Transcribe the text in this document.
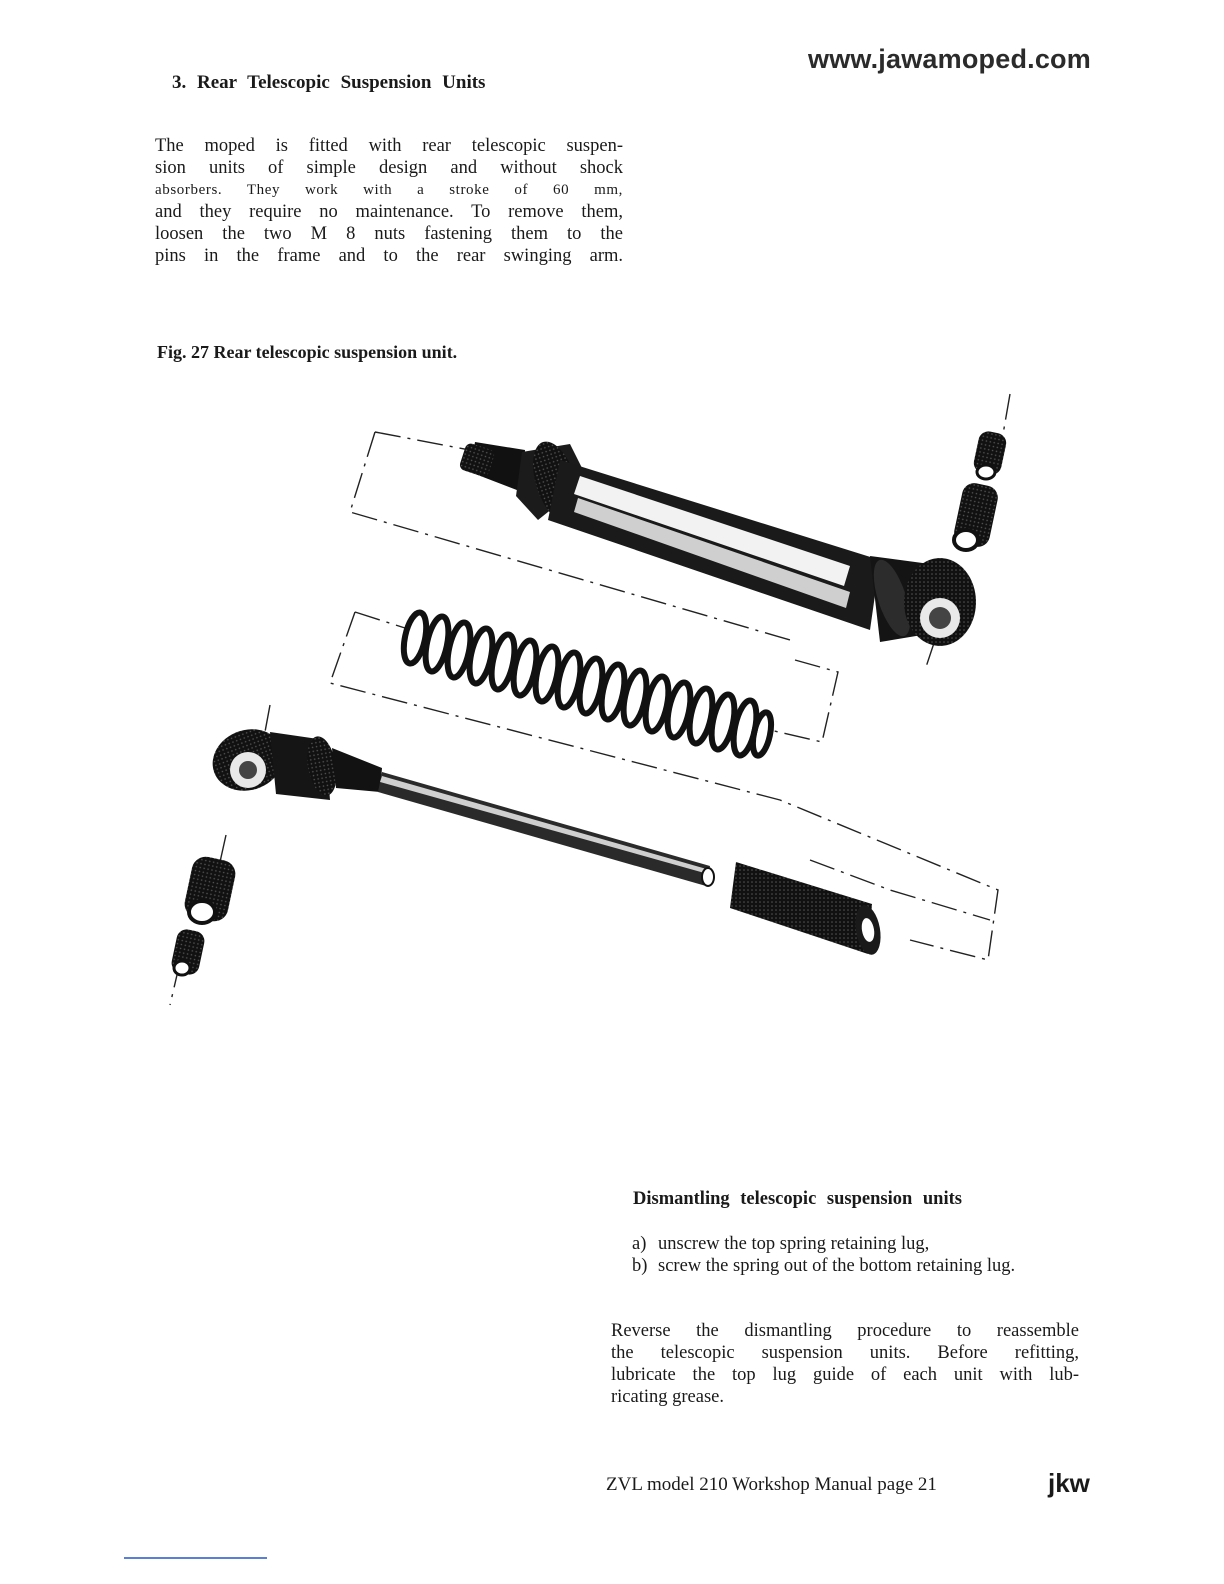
www.jawamoped.com
3. Rear Telescopic Suspension Units

The moped is fitted with rear telescopic suspen-
sion units of simple design and without shock
absorbers. They work with a stroke of 60 mm,
and they require no maintenance. To remove them,
loosen the two M 8 nuts fastening them to the
pins in the frame and to the rear swinging arm.

Fig. 27 Rear telescopic suspension unit.
Dismantling telescopic suspension units
a) unscrew the top spring retaining lug,
b) screw the spring out of the bottom retaining lug.

Reverse the dismantling procedure to reassemble
the telescopic suspension units. Before refitting,
lubricate the top lug guide of each unit with lub-
ricating grease.

ZVL model 210 Workshop Manual page 21	jkw
